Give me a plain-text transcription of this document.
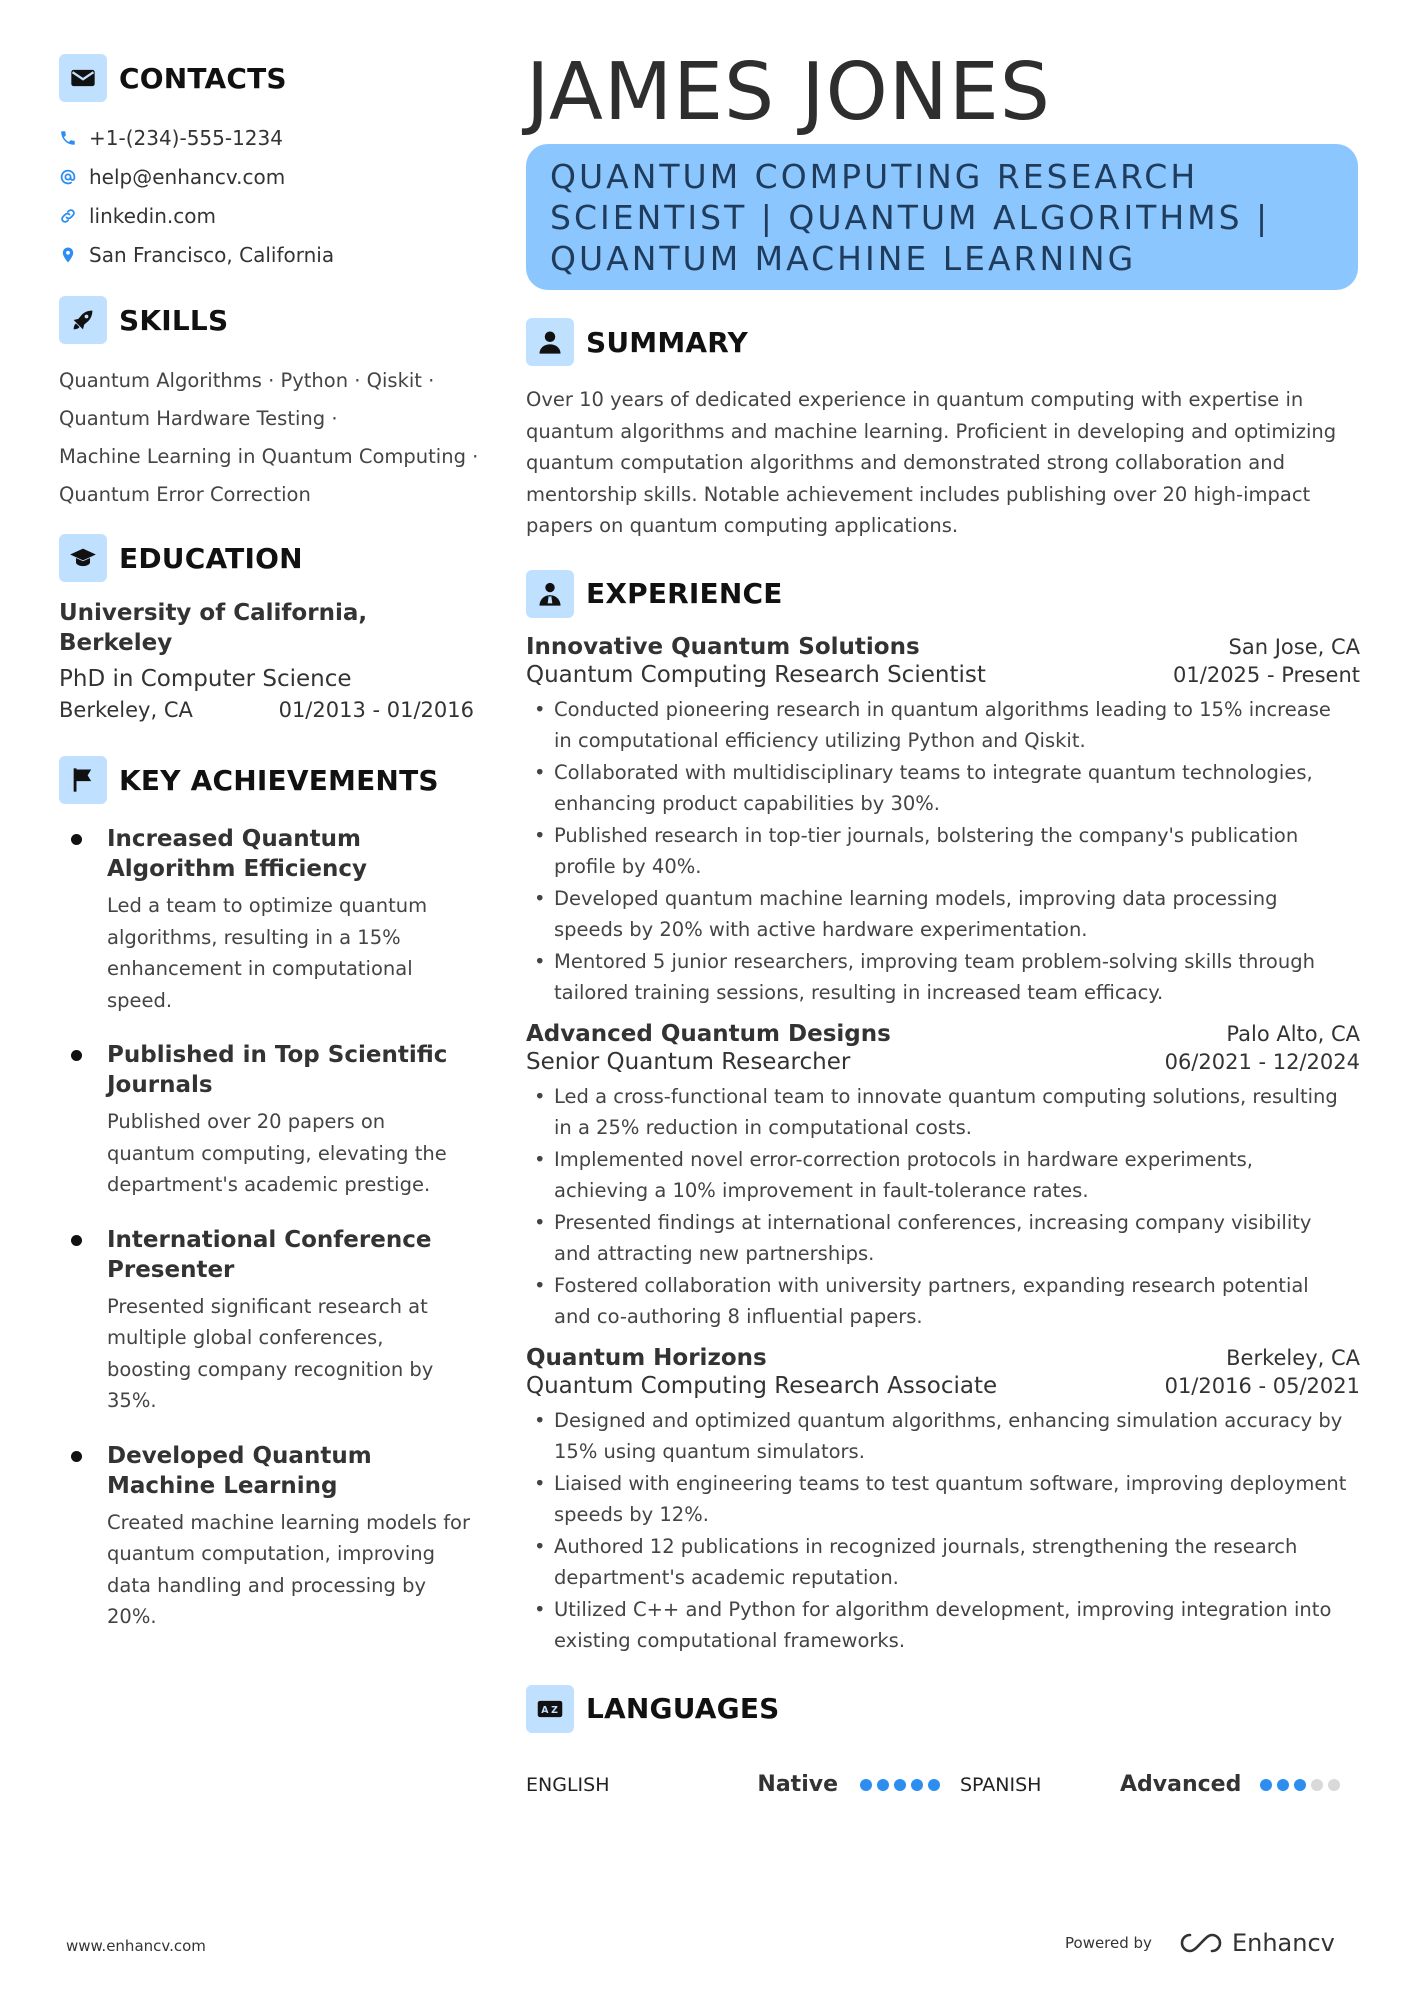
CONTACTS
+1-(234)-555-1234
help@enhancv.com
linkedin.com
San Francisco, California
SKILLS
Quantum Algorithms · Python · Qiskit ·
Quantum Hardware Testing ·
Machine Learning in Quantum Computing ·
Quantum Error Correction
EDUCATION
University of California,
Berkeley
PhD in Computer Science
Berkeley, CA	01/2013 - 01/2016
KEY ACHIEVEMENTS
Increased Quantum
Algorithm Efficiency
Led a team to optimize quantum
algorithms, resulting in a 15%
enhancement in computational
speed.
Published in Top Scientific
Journals
Published over 20 papers on
quantum computing, elevating the
department's academic prestige.
International Conference
Presenter
Presented significant research at
multiple global conferences,
boosting company recognition by
35%.
Developed Quantum
Machine Learning
Created machine learning models for
quantum computation, improving
data handling and processing by
20%.
JAMES JONES
QUANTUM COMPUTING RESEARCH
SCIENTIST | QUANTUM ALGORITHMS |
QUANTUM MACHINE LEARNING
SUMMARY
Over 10 years of dedicated experience in quantum computing with expertise in
quantum algorithms and machine learning. Proficient in developing and optimizing
quantum computation algorithms and demonstrated strong collaboration and
mentorship skills. Notable achievement includes publishing over 20 high-impact
papers on quantum computing applications.
EXPERIENCE
Innovative Quantum Solutions	San Jose, CA
Quantum Computing Research Scientist	01/2025 - Present
• Conducted pioneering research in quantum algorithms leading to 15% increase
in computational efficiency utilizing Python and Qiskit.
• Collaborated with multidisciplinary teams to integrate quantum technologies,
enhancing product capabilities by 30%.
• Published research in top-tier journals, bolstering the company's publication
profile by 40%.
• Developed quantum machine learning models, improving data processing
speeds by 20% with active hardware experimentation.
• Mentored 5 junior researchers, improving team problem-solving skills through
tailored training sessions, resulting in increased team efficacy.
Advanced Quantum Designs	Palo Alto, CA
Senior Quantum Researcher	06/2021 - 12/2024
• Led a cross-functional team to innovate quantum computing solutions, resulting
in a 25% reduction in computational costs.
• Implemented novel error-correction protocols in hardware experiments,
achieving a 10% improvement in fault-tolerance rates.
• Presented findings at international conferences, increasing company visibility
and attracting new partnerships.
• Fostered collaboration with university partners, expanding research potential
and co-authoring 8 influential papers.
Quantum Horizons	Berkeley, CA
Quantum Computing Research Associate	01/2016 - 05/2021
• Designed and optimized quantum algorithms, enhancing simulation accuracy by
15% using quantum simulators.
• Liaised with engineering teams to test quantum software, improving deployment
speeds by 12%.
• Authored 12 publications in recognized journals, strengthening the research
department's academic reputation.
• Utilized C++ and Python for algorithm development, improving integration into
existing computational frameworks.
A Z LANGUAGES
ENGLISH	Native	SPANISH	Advanced
www.enhancv.com	Powered by	Enhancv
